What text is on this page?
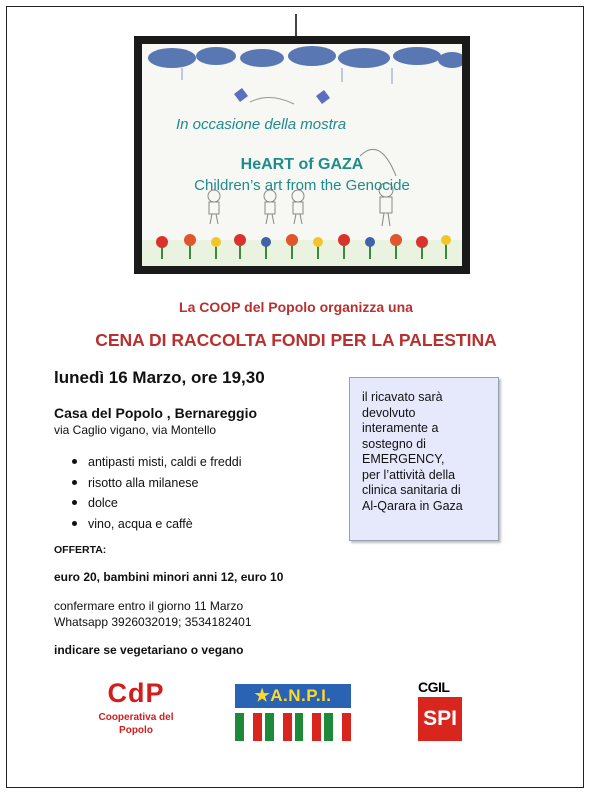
In occasione della mostra
HeART of GAZA
Children’s art from the Genocide
La COOP del Popolo organizza una
CENA DI RACCOLTA FONDI PER LA PALESTINA
lunedì 16 Marzo, ore 19,30
Casa del Popolo , Bernareggio
via Caglio vigano, via Montello
antipasti misti, caldi e freddi
risotto alla milanese
dolce
vino, acqua e caffè
OFFERTA:
euro 20, bambini minori anni 12, euro 10
confermare entro il giorno 11 Marzo
Whatsapp 3926032019; 3534182401
indicare se vegetariano o vegano

il ricavato sarà
devolvuto
interamente a
sostegno di
EMERGENCY,
per l’attività della
clinica sanitaria di
Al-Qarara in Gaza

CdP
Cooperativa del
Popolo
★A.N.P.I.	CGIL
SPI
